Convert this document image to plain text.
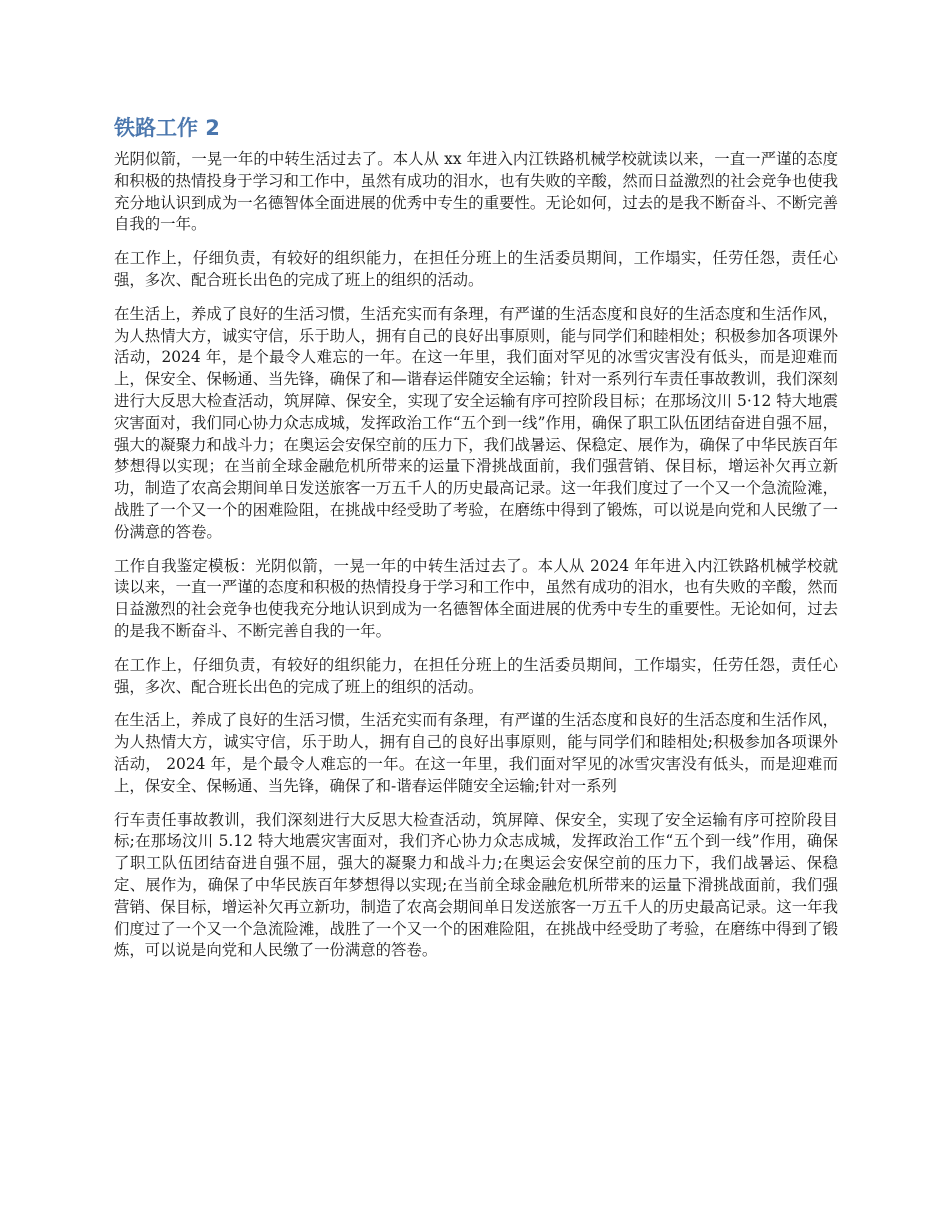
铁路工作 2

光阴似箭，一晃一年的中转生活过去了。本人从 xx 年进入内江铁路机械学校就读以来，一直一严谨的态度和积极的热情投身于学习和工作中，虽然有成功的泪水，也有失败的辛酸，然而日益激烈的社会竞争也使我充分地认识到成为一名德智体全面进展的优秀中专生的重要性。无论如何，过去的是我不断奋斗、不断完善自我的一年。

在工作上，仔细负责，有较好的组织能力，在担任分班上的生活委员期间，工作塌实，任劳任怨，责任心强，多次、配合班长出色的完成了班上的组织的活动。

在生活上，养成了良好的生活习惯，生活充实而有条理，有严谨的生活态度和良好的生活态度和生活作风，为人热情大方，诚实守信，乐于助人，拥有自己的良好出事原则，能与同学们和睦相处；积极参加各项课外活动，2024 年，是个最令人难忘的一年。在这一年里，我们面对罕见的冰雪灾害没有低头，而是迎难而上，保安全、保畅通、当先锋，确保了和—谐春运伴随安全运输；针对一系列行车责任事故教训，我们深刻进行大反思大检查活动，筑屏障、保安全，实现了安全运输有序可控阶段目标；在那场汶川 5·12 特大地震灾害面对，我们同心协力众志成城，发挥政治工作“五个到一线”作用，确保了职工队伍团结奋进自强不屈，强大的凝聚力和战斗力；在奥运会安保空前的压力下，我们战暑运、保稳定、展作为，确保了中华民族百年梦想得以实现；在当前全球金融危机所带来的运量下滑挑战面前，我们强营销、保目标，增运补欠再立新功，制造了农高会期间单日发送旅客一万五千人的历史最高记录。这一年我们度过了一个又一个急流险滩，战胜了一个又一个的困难险阻，在挑战中经受助了考验，在磨练中得到了锻炼，可以说是向党和人民缴了一份满意的答卷。

工作自我鉴定模板：光阴似箭，一晃一年的中转生活过去了。本人从 2024 年年进入内江铁路机械学校就读以来，一直一严谨的态度和积极的热情投身于学习和工作中，虽然有成功的泪水，也有失败的辛酸，然而日益激烈的社会竞争也使我充分地认识到成为一名德智体全面进展的优秀中专生的重要性。无论如何，过去的是我不断奋斗、不断完善自我的一年。

在工作上，仔细负责，有较好的组织能力，在担任分班上的生活委员期间，工作塌实，任劳任怨，责任心强，多次、配合班长出色的完成了班上的组织的活动。

在生活上，养成了良好的生活习惯，生活充实而有条理，有严谨的生活态度和良好的生活态度和生活作风，为人热情大方，诚实守信，乐于助人，拥有自己的良好出事原则，能与同学们和睦相处;积极参加各项课外活动， 2024 年，是个最令人难忘的一年。在这一年里，我们面对罕见的冰雪灾害没有低头，而是迎难而上，保安全、保畅通、当先锋，确保了和-谐春运伴随安全运输;针对一系列

行车责任事故教训，我们深刻进行大反思大检查活动，筑屏障、保安全，实现了安全运输有序可控阶段目标;在那场汶川 5.12 特大地震灾害面对，我们齐心协力众志成城，发挥政治工作“五个到一线”作用，确保了职工队伍团结奋进自强不屈，强大的凝聚力和战斗力;在奥运会安保空前的压力下，我们战暑运、保稳定、展作为，确保了中华民族百年梦想得以实现;在当前全球金融危机所带来的运量下滑挑战面前，我们强营销、保目标，增运补欠再立新功，制造了农高会期间单日发送旅客一万五千人的历史最高记录。这一年我们度过了一个又一个急流险滩，战胜了一个又一个的困难险阻，在挑战中经受助了考验，在磨练中得到了锻炼，可以说是向党和人民缴了一份满意的答卷。
